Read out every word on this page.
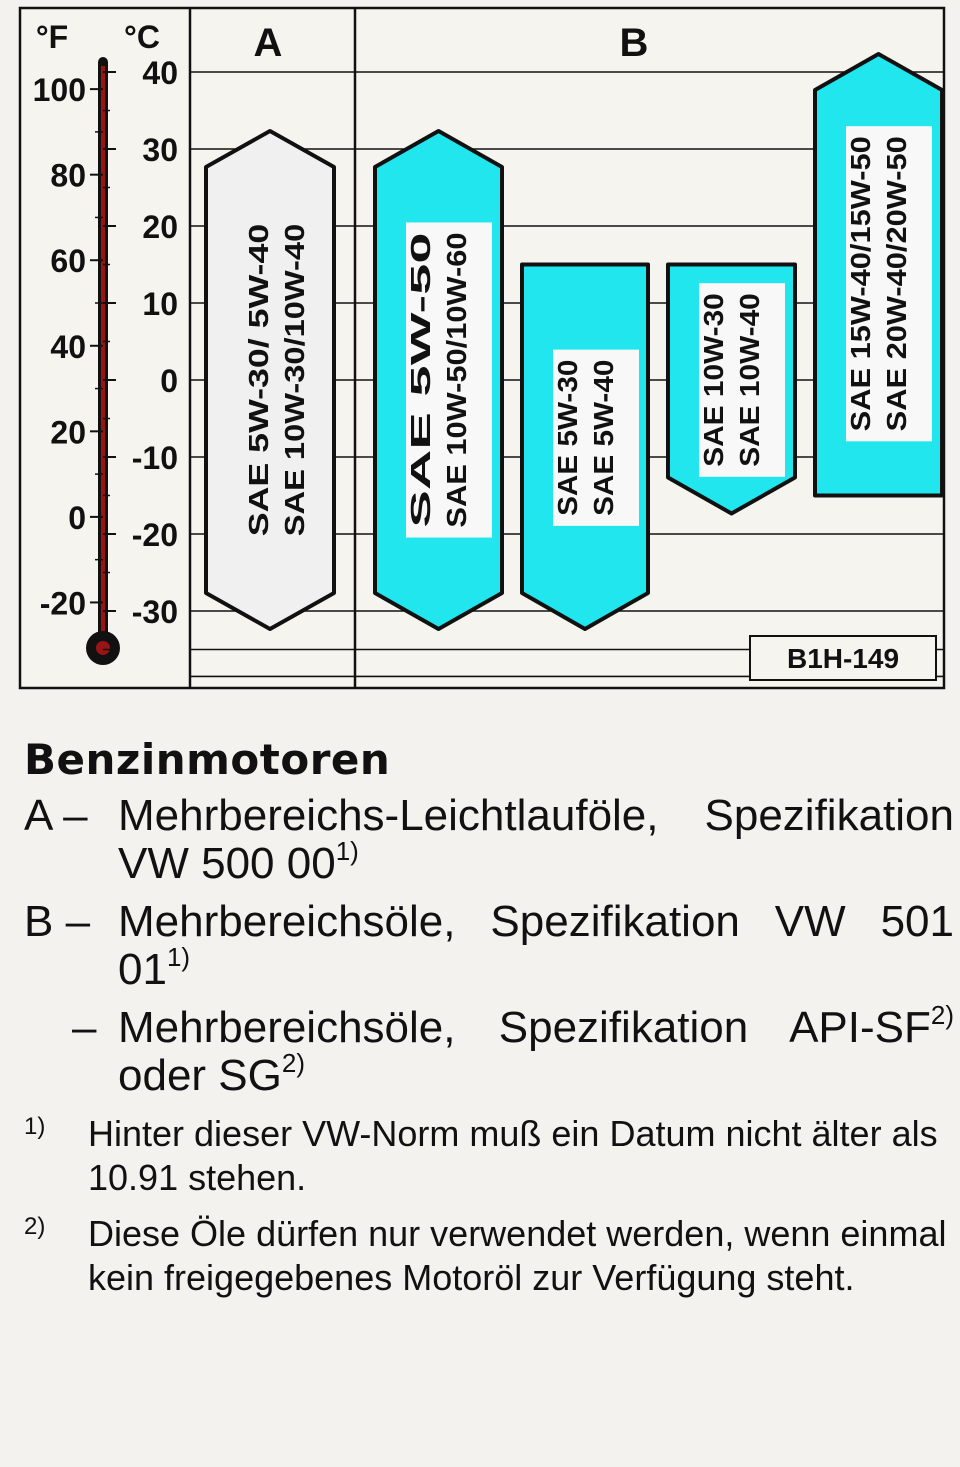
A	B
°F °C
100
80
60
40
20
0
-20
40
30
20
10
0
-10
-20
-30
SAE 5W-30/ 5W-40 SAE 10W-30/10W-40	SAE 5W-50 SAE 10W-50/10W-60	SAE 5W-30 SAE 5W-40	SAE 10W-30 SAE 10W-40	SAE 15W-40/15W-50 SAE 20W-40/20W-50
B1H-149
Benzinmotoren
A – Mehrbereichs-Leichtlauföle, Spezifikation VW 500 00$^{1)}$
B – Mehrbereichsöle, Spezifikation VW 501 01$^{1)}$
– Mehrbereichsöle, Spezifikation API-SF$^{2)}$ oder SG$^{2)}$
1)	Hinter dieser VW-Norm muß ein Datum nicht älter als 10.91 stehen.
2)	Diese Öle dürfen nur verwendet werden, wenn einmal kein freigegebenes Motoröl zur Verfügung steht.
